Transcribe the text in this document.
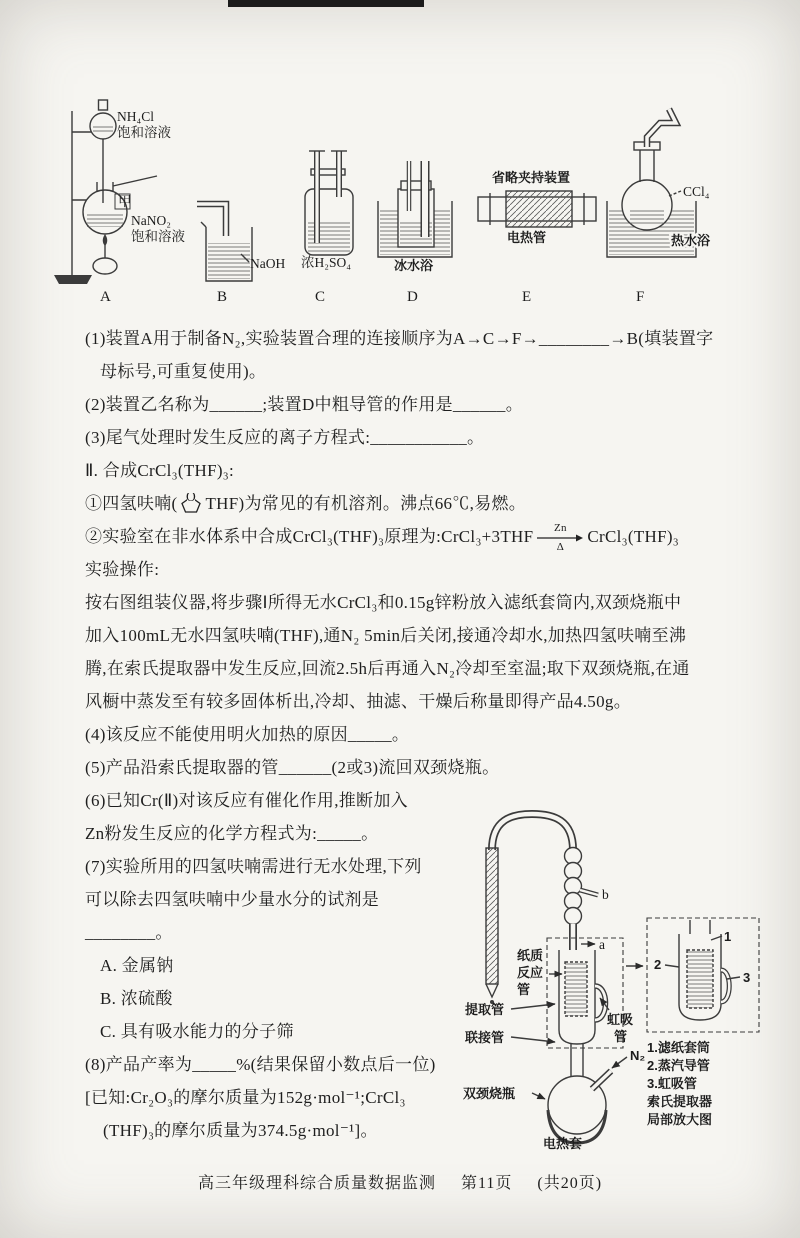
甲
NH₄Cl
饱和溶液
NaNO₂
饱和溶液
A
NaOH
B
浓H₂SO₄
C
冰水浴
D
省略夹持装置
电热管
E
CCl₄
热水浴
F
(1)装置A用于制备N₂,实验装置合理的连接顺序为A→C→F→________→B(填装置字
母标号,可重复使用)。
(2)装置乙名称为______;装置D中粗导管的作用是______。
(3)尾气处理时发生反应的离子方程式:___________。
Ⅱ. 合成CrCl₃(THF)₃:
①四氢呋喃( O THF)为常见的有机溶剂。沸点66℃,易燃。
②实验室在非水体系中合成CrCl₃(THF)₃原理为:CrCl₃+3THF Zn
Δ
CrCl₃(THF)₃
实验操作:
按右图组装仪器,将步骤Ⅰ所得无水CrCl₃和0.15g锌粉放入滤纸套筒内,双颈烧瓶中
加入100mL无水四氢呋喃(THF),通N₂ 5min后关闭,接通冷却水,加热四氢呋喃至沸
腾,在索氏提取器中发生反应,回流2.5h后再通入N₂冷却至室温;取下双颈烧瓶,在通
风橱中蒸发至有较多固体析出,冷却、抽滤、干燥后称量即得产品4.50g。
(4)该反应不能使用明火加热的原因_____。
(5)产品沿索氏提取器的管______(2或3)流回双颈烧瓶。
(6)已知Cr(Ⅱ)对该反应有催化作用,推断加入
Zn粉发生反应的化学方程式为:_____。
(7)实验所用的四氢呋喃需进行无水处理,下列
可以除去四氢呋喃中少量水分的试剂是
________。
A. 金属钠
B. 浓硫酸
C. 具有吸水能力的分子筛
(8)产品产率为_____%(结果保留小数点后一位)
[已知:Cr₂O₃的摩尔质量为152g·mol⁻¹;CrCl₃
(THF)₃的摩尔质量为374.5g·mol⁻¹]。
b
a
纸质
反应
管
提取管
联接管
虹吸
管
N₂
双颈烧瓶
电热套
1
2
3
1.滤纸套筒
2.蒸汽导管
3.虹吸管
索氏提取器
局部放大图
高三年级理科综合质量数据监测 第11页 (共20页)
